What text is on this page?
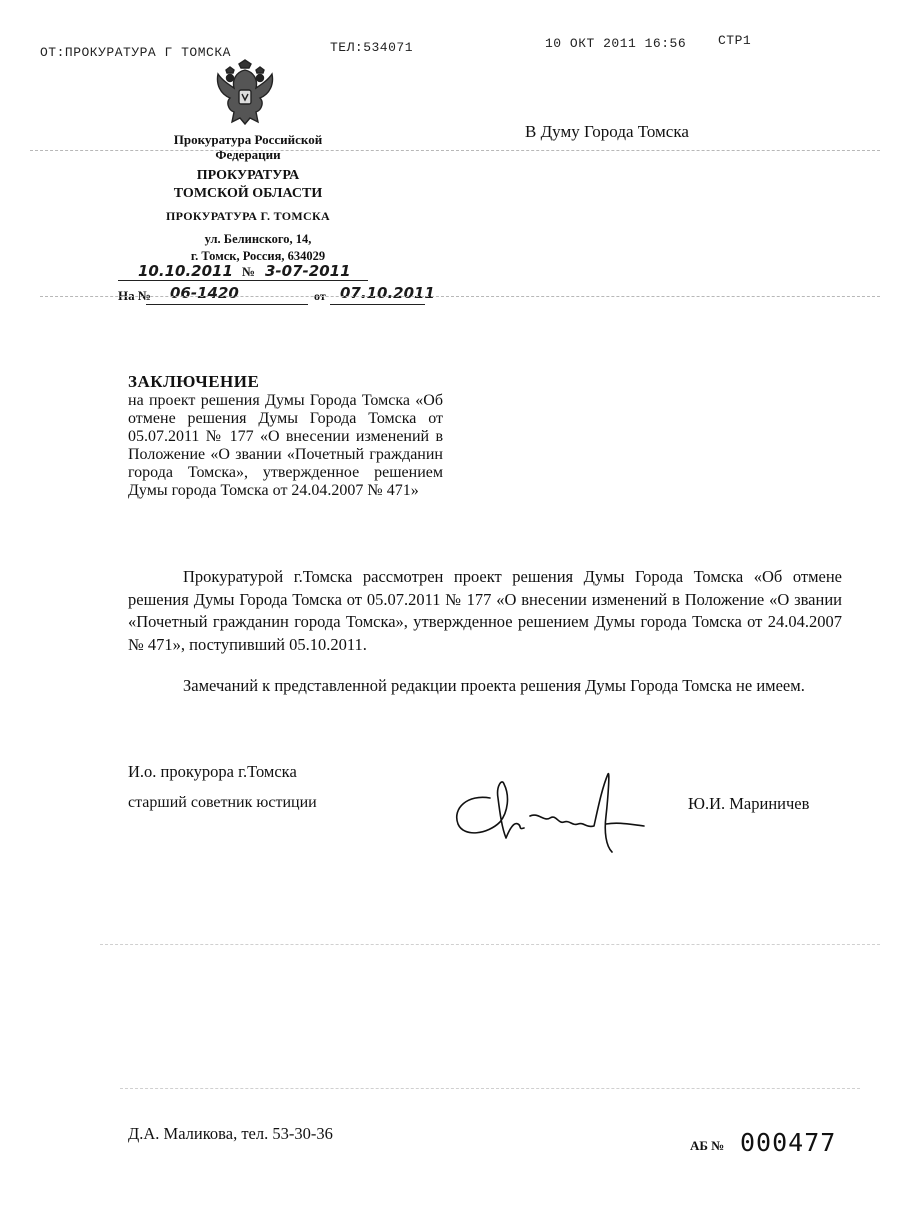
ОТ:ПРОКУРАТУРА Г ТОМСКА	ТЕЛ:534071	10 ОКТ 2011 16:56 СТР1
Прокуратура Российской
Федерации
ПРОКУРАТУРА
ТОМСКОЙ ОБЛАСТИ
ПРОКУРАТУРА Г. ТОМСКА
ул. Белинского, 14,
г. Томск, Россия, 634029
10.10.2011 № 3-07-2011
На № 06-1420	от 07.10.2011
В Думу Города Томска
ЗАКЛЮЧЕНИЕ
на проект решения Думы Города Томска «Об отмене решения Думы Города Томска от 05.07.2011 № 177 «О внесении изменений в Положение «О звании «Почетный гражданин города Томска», утвержденное решением Думы города Томска от 24.04.2007 № 471»
Прокуратурой г.Томска рассмотрен проект решения Думы Города Томска «Об отмене решения Думы Города Томска от 05.07.2011 № 177 «О внесении изменений в Положение «О звании «Почетный гражданин города Томска», утвержденное решением Думы города Томска от 24.04.2007 № 471», поступивший 05.10.2011.
Замечаний к представленной редакции проекта решения Думы Города Томска не имеем.
И.о. прокурора г.Томска
старший советник юстиции	Ю.И. Мариничев
Д.А. Маликова, тел. 53-30-36
АБ № 000477
